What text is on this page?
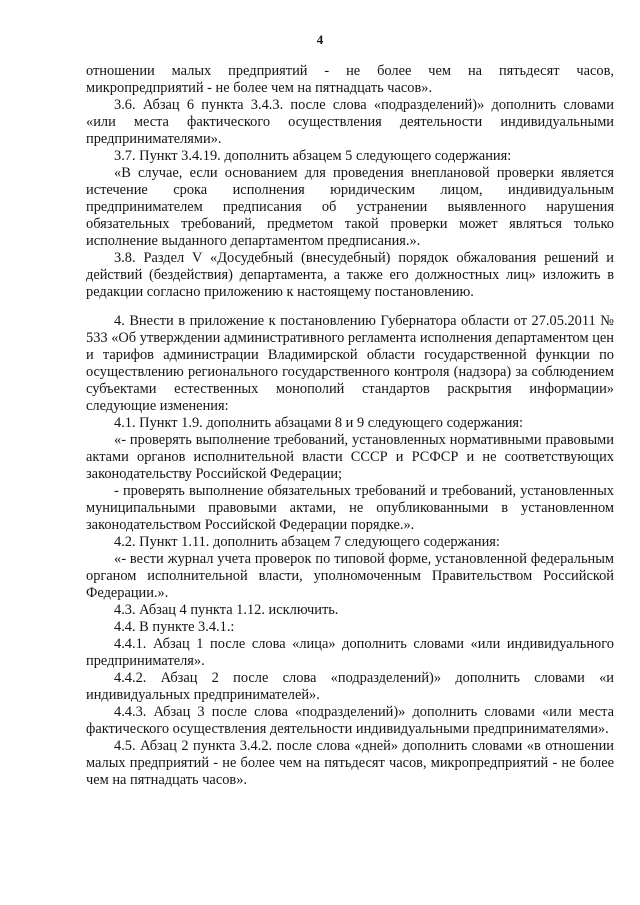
4

отношении малых предприятий - не более чем на пятьдесят часов, микропредприятий - не более чем на пятнадцать часов».

3.6. Абзац 6 пункта 3.4.3. после слова «подразделений)» дополнить словами «или места фактического осуществления деятельности индивидуальными предпринимателями».

3.7. Пункт 3.4.19. дополнить абзацем 5 следующего содержания:

«В случае, если основанием для проведения внеплановой проверки является истечение срока исполнения юридическим лицом, индивидуальным предпринимателем предписания об устранении выявленного нарушения обязательных требований, предметом такой проверки может являться только исполнение выданного департаментом предписания.».

3.8. Раздел V «Досудебный (внесудебный) порядок обжалования решений и действий (бездействия) департамента, а также его должностных лиц» изложить в редакции согласно приложению к настоящему постановлению.

4. Внести в приложение к постановлению Губернатора области от 27.05.2011 № 533 «Об утверждении административного регламента исполнения департаментом цен и тарифов администрации Владимирской области государственной функции по осуществлению регионального государственного контроля (надзора) за соблюдением субъектами естественных монополий стандартов раскрытия информации» следующие изменения:

4.1. Пункт 1.9. дополнить абзацами 8 и 9 следующего содержания:

«- проверять выполнение требований, установленных нормативными правовыми актами органов исполнительной власти СССР и РСФСР и не соответствующих законодательству Российской Федерации;

- проверять выполнение обязательных требований и требований, установленных муниципальными правовыми актами, не опубликованными в установленном законодательством Российской Федерации порядке.».

4.2. Пункт 1.11. дополнить абзацем 7 следующего содержания:

«- вести журнал учета проверок по типовой форме, установленной федеральным органом исполнительной власти, уполномоченным Правительством Российской Федерации.».

4.3. Абзац 4 пункта 1.12. исключить.

4.4. В пункте 3.4.1.:

4.4.1. Абзац 1 после слова «лица» дополнить словами «или индивидуального предпринимателя».

4.4.2. Абзац 2 после слова «подразделений)» дополнить словами «и индивидуальных предпринимателей».

4.4.3. Абзац 3 после слова «подразделений)» дополнить словами «или места фактического осуществления деятельности индивидуальными предпринимателями».

4.5. Абзац 2 пункта 3.4.2. после слова «дней» дополнить словами «в отношении малых предприятий - не более чем на пятьдесят часов, микропредприятий - не более чем на пятнадцать часов».
